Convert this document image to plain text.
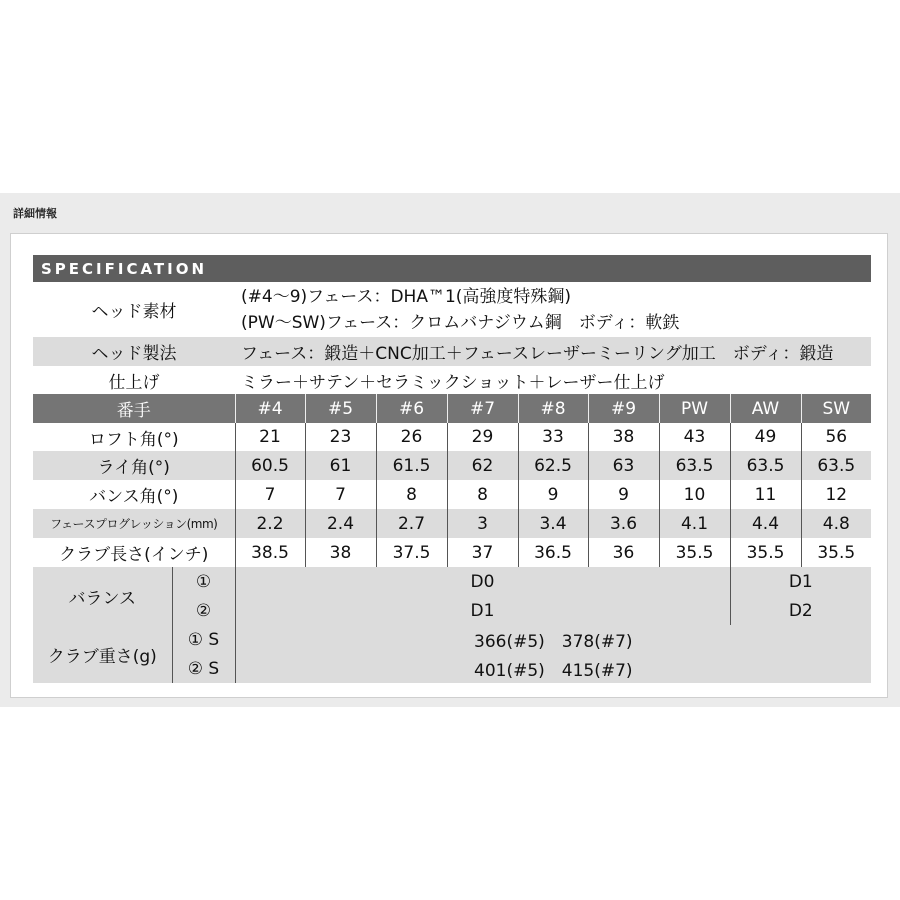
詳細情報
SPECIFICATION										
ヘッド素材		(#4～9)フェース：DHA™1(高強度特殊鋼)
(PW～SW)フェース：クロムバナジウム鋼　ボディ：軟鉄								

ヘッド製法		フェース：鍛造＋CNC加工＋フェースレーザーミーリング加工　ボディ：鍛造								
仕上げ		ミラー＋サテン＋セラミックショット＋レーザー仕上げ								
番手		#4	#5	#6	#7	#8	#9	PW	AW	SW
ロフト角(°)		21	23	26	29	33	38	43	49	56
ライ角(°)		60.5	61	61.5	62	62.5	63	63.5	63.5	63.5
バンス角(°)		7	7	8	8	9	9	10	11	12
フェースプログレッション(mm)		2.2	2.4	2.7	3	3.4	3.6	4.1	4.4	4.8
クラブ長さ(インチ)		38.5	38	37.5	37	36.5	36	35.5	35.5	35.5
バランス	①	D0							D1	
	②	D1							D2	
クラブ重さ(g)	① S	366(#5)　378(#7)								
	② S	401(#5)　415(#7)								
